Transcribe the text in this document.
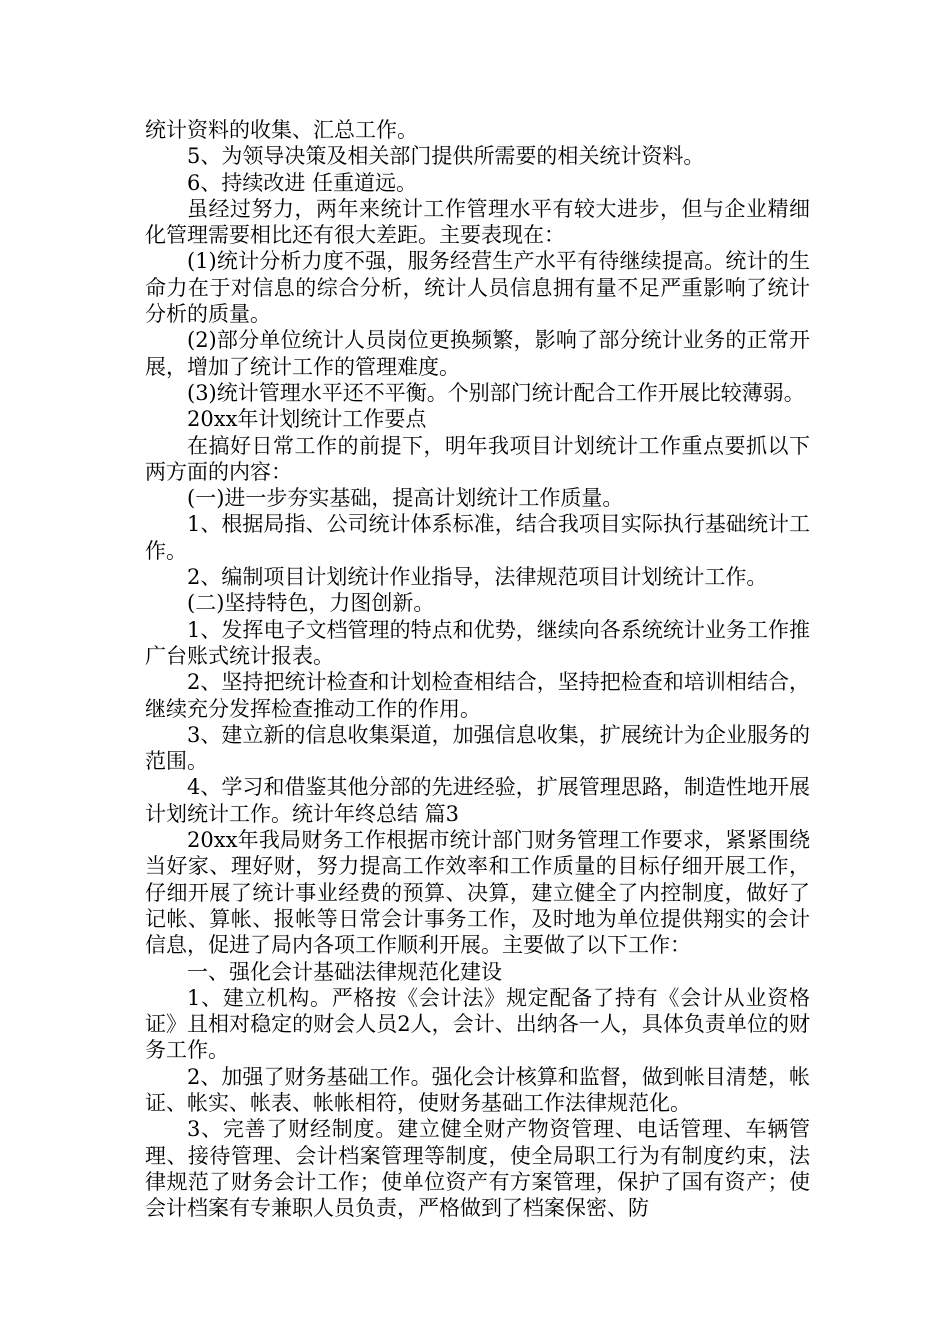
统计资料的收集、汇总工作。

5、为领导决策及相关部门提供所需要的相关统计资料。

6、持续改进 任重道远。

虽经过努力，两年来统计工作管理水平有较大进步，但与企业精细化管理需要相比还有很大差距。主要表现在：

(1)统计分析力度不强，服务经营生产水平有待继续提高。统计的生命力在于对信息的综合分析，统计人员信息拥有量不足严重影响了统计分析的质量。

(2)部分单位统计人员岗位更换频繁，影响了部分统计业务的正常开展，增加了统计工作的管理难度。

(3)统计管理水平还不平衡。个别部门统计配合工作开展比较薄弱。

20xx年计划统计工作要点

在搞好日常工作的前提下，明年我项目计划统计工作重点要抓以下两方面的内容：

(一)进一步夯实基础，提高计划统计工作质量。

1、根据局指、公司统计体系标准，结合我项目实际执行基础统计工作。

2、编制项目计划统计作业指导，法律规范项目计划统计工作。

(二)坚持特色，力图创新。

1、发挥电子文档管理的特点和优势，继续向各系统统计业务工作推广台账式统计报表。

2、坚持把统计检查和计划检查相结合，坚持把检查和培训相结合，继续充分发挥检查推动工作的作用。

3、建立新的信息收集渠道，加强信息收集，扩展统计为企业服务的范围。

4、学习和借鉴其他分部的先进经验，扩展管理思路，制造性地开展计划统计工作。统计年终总结 篇3

20xx年我局财务工作根据市统计部门财务管理工作要求，紧紧围绕当好家、理好财，努力提高工作效率和工作质量的目标仔细开展工作，仔细开展了统计事业经费的预算、决算，建立健全了内控制度，做好了记帐、算帐、报帐等日常会计事务工作，及时地为单位提供翔实的会计信息，促进了局内各项工作顺利开展。主要做了以下工作：

一、强化会计基础法律规范化建设

1、建立机构。严格按《会计法》规定配备了持有《会计从业资格证》且相对稳定的财会人员2人，会计、出纳各一人，具体负责单位的财务工作。

2、加强了财务基础工作。强化会计核算和监督，做到帐目清楚，帐证、帐实、帐表、帐帐相符，使财务基础工作法律规范化。

3、完善了财经制度。建立健全财产物资管理、电话管理、车辆管理、接待管理、会计档案管理等制度，使全局职工行为有制度约束，法律规范了财务会计工作；使单位资产有方案管理，保护了国有资产；使会计档案有专兼职人员负责，严格做到了档案保密、防
